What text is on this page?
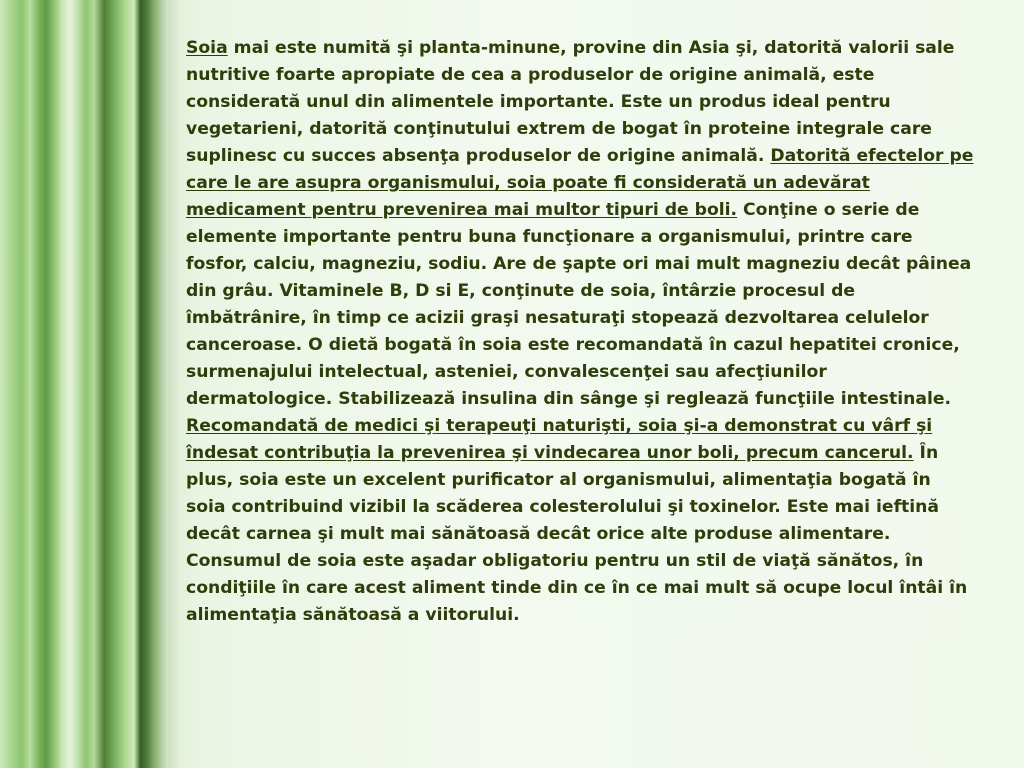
Soia mai este numită şi planta-minune, provine din Asia şi, datorită valorii sale nutritive foarte apropiate de cea a produselor de origine animală, este considerată unul din alimentele importante. Este un produs ideal pentru vegetarieni, datorită conţinutului extrem de bogat în proteine integrale care suplinesc cu succes absenţa produselor de origine animală. Datorită efectelor pe care le are asupra organismului, soia poate fi considerată un adevărat medicament pentru prevenirea mai multor tipuri de boli. Conţine o serie de elemente importante pentru buna funcţionare a organismului, printre care fosfor, calciu, magneziu, sodiu. Are de şapte ori mai mult magneziu decât pâinea din grâu. Vitaminele B, D si E, conţinute de soia, întârzie procesul de îmbătrânire, în timp ce acizii graşi nesaturaţi stopează dezvoltarea celulelor canceroase. O dietă bogată în soia este recomandată în cazul hepatitei cronice, surmenajului intelectual, asteniei, convalescenţei sau afecţiunilor dermatologice. Stabilizează insulina din sânge şi reglează funcţiile intestinale. Recomandată de medici şi terapeuţi naturişti, soia şi-a demonstrat cu vârf şi îndesat contribuţia la prevenirea şi vindecarea unor boli, precum cancerul. În plus, soia este un excelent purificator al organismului, alimentaţia bogată în soia contribuind vizibil la scăderea colesterolului şi toxinelor. Este mai ieftină decât carnea şi mult mai sănătoasă decât orice alte produse alimentare. Consumul de soia este aşadar obligatoriu pentru un stil de viaţă sănătos, în condiţiile în care acest aliment tinde din ce în ce mai mult să ocupe locul întâi în alimentaţia sănătoasă a viitorului.
